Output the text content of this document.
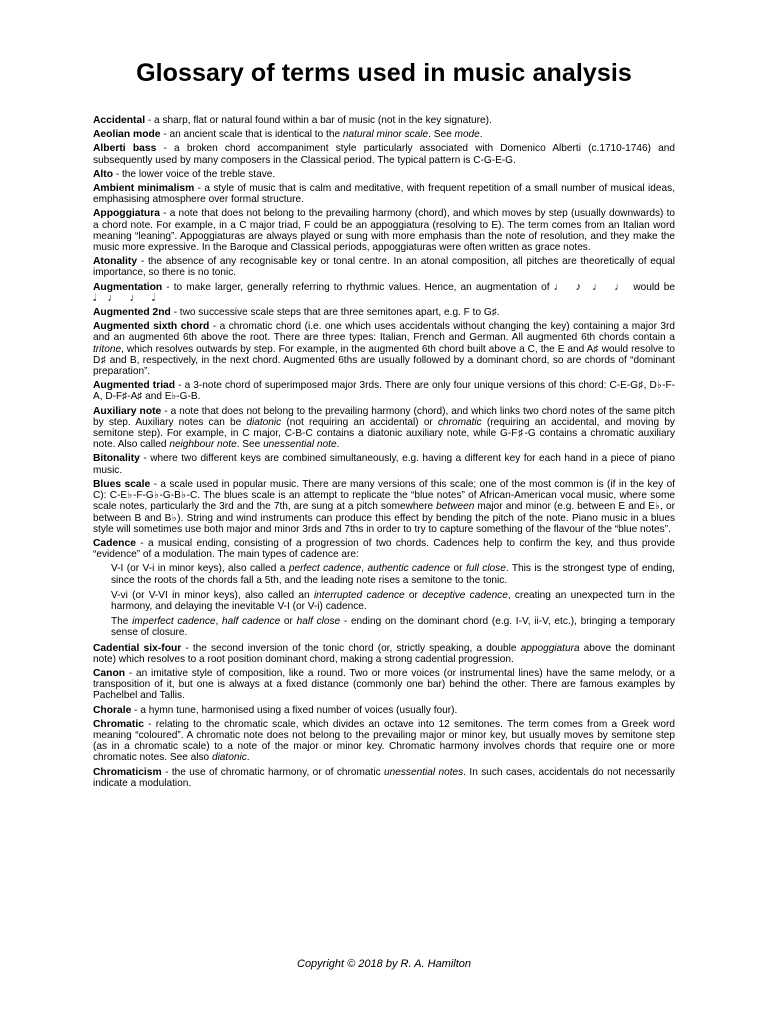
Glossary of terms used in music analysis
Accidental - a sharp, flat or natural found within a bar of music (not in the key signature).
Aeolian mode - an ancient scale that is identical to the natural minor scale. See mode.
Alberti bass - a broken chord accompaniment style particularly associated with Domenico Alberti (c.1710-1746) and subsequently used by many composers in the Classical period. The typical pattern is C-G-E-G.
Alto - the lower voice of the treble stave.
Ambient minimalism - a style of music that is calm and meditative, with frequent repetition of a small number of musical ideas, emphasising atmosphere over formal structure.
Appoggiatura - a note that does not belong to the prevailing harmony (chord), and which moves by step (usually downwards) to a chord note. For example, in a C major triad, F could be an appoggiatura (resolving to E). The term comes from an Italian word meaning “leaning”. Appoggiaturas are always played or sung with more emphasis than the note of resolution, and they make the music more expressive. In the Baroque and Classical periods, appoggiaturas were often written as grace notes.
Atonality - the absence of any recognisable key or tonal centre. In an atonal composition, all pitches are theoretically of equal importance, so there is no tonic.
Augmentation - to make larger, generally referring to rhythmic values. Hence, an augmentation of ♩ ♪ ♩ ♩ would be 𝅗𝅥 ♩ ♩ 𝅗𝅥
Augmented 2nd - two successive scale steps that are three semitones apart, e.g. F to G♯.
Augmented sixth chord - a chromatic chord (i.e. one which uses accidentals without changing the key) containing a major 3rd and an augmented 6th above the root. There are three types: Italian, French and German. All augmented 6th chords contain a tritone, which resolves outwards by step. For example, in the augmented 6th chord built above a C, the E and A♯ would resolve to D♯ and B, respectively, in the next chord. Augmented 6ths are usually followed by a dominant chord, so are chords of “dominant preparation”.
Augmented triad - a 3-note chord of superimposed major 3rds. There are only four unique versions of this chord: C-E-G♯, D♭-F-A, D-F♯-A♯ and E♭-G-B.
Auxiliary note - a note that does not belong to the prevailing harmony (chord), and which links two chord notes of the same pitch by step. Auxiliary notes can be diatonic (not requiring an accidental) or chromatic (requiring an accidental, and moving by semitone step). For example, in C major, C-B-C contains a diatonic auxiliary note, while G-F♯-G contains a chromatic auxiliary note. Also called neighbour note. See unessential note.
Bitonality - where two different keys are combined simultaneously, e.g. having a different key for each hand in a piece of piano music.
Blues scale - a scale used in popular music. There are many versions of this scale; one of the most common is (if in the key of C): C-E♭-F-G♭-G-B♭-C. The blues scale is an attempt to replicate the “blue notes” of African-American vocal music, where some scale notes, particularly the 3rd and the 7th, are sung at a pitch somewhere between major and minor (e.g. between E and E♭, or between B and B♭). String and wind instruments can produce this effect by bending the pitch of the note. Piano music in a blues style will sometimes use both major and minor 3rds and 7ths in order to try to capture something of the flavour of the “blue notes”.
Cadence - a musical ending, consisting of a progression of two chords. Cadences help to confirm the key, and thus provide “evidence” of a modulation. The main types of cadence are:
V-I (or V-i in minor keys), also called a perfect cadence, authentic cadence or full close. This is the strongest type of ending, since the roots of the chords fall a 5th, and the leading note rises a semitone to the tonic.
V-vi (or V-VI in minor keys), also called an interrupted cadence or deceptive cadence, creating an unexpected turn in the harmony, and delaying the inevitable V-I (or V-i) cadence.
The imperfect cadence, half cadence or half close - ending on the dominant chord (e.g. I-V, ii-V, etc.), bringing a temporary sense of closure.
Cadential six-four - the second inversion of the tonic chord (or, strictly speaking, a double appoggiatura above the dominant note) which resolves to a root position dominant chord, making a strong cadential progression.
Canon - an imitative style of composition, like a round. Two or more voices (or instrumental lines) have the same melody, or a transposition of it, but one is always at a fixed distance (commonly one bar) behind the other. There are famous examples by Pachelbel and Tallis.
Chorale - a hymn tune, harmonised using a fixed number of voices (usually four).
Chromatic - relating to the chromatic scale, which divides an octave into 12 semitones. The term comes from a Greek word meaning “coloured”. A chromatic note does not belong to the prevailing major or minor key, but usually moves by semitone step (as in a chromatic scale) to a note of the major or minor key. Chromatic harmony involves chords that require one or more chromatic notes. See also diatonic.
Chromaticism - the use of chromatic harmony, or of chromatic unessential notes. In such cases, accidentals do not necessarily indicate a modulation.
Copyright © 2018 by R. A. Hamilton
